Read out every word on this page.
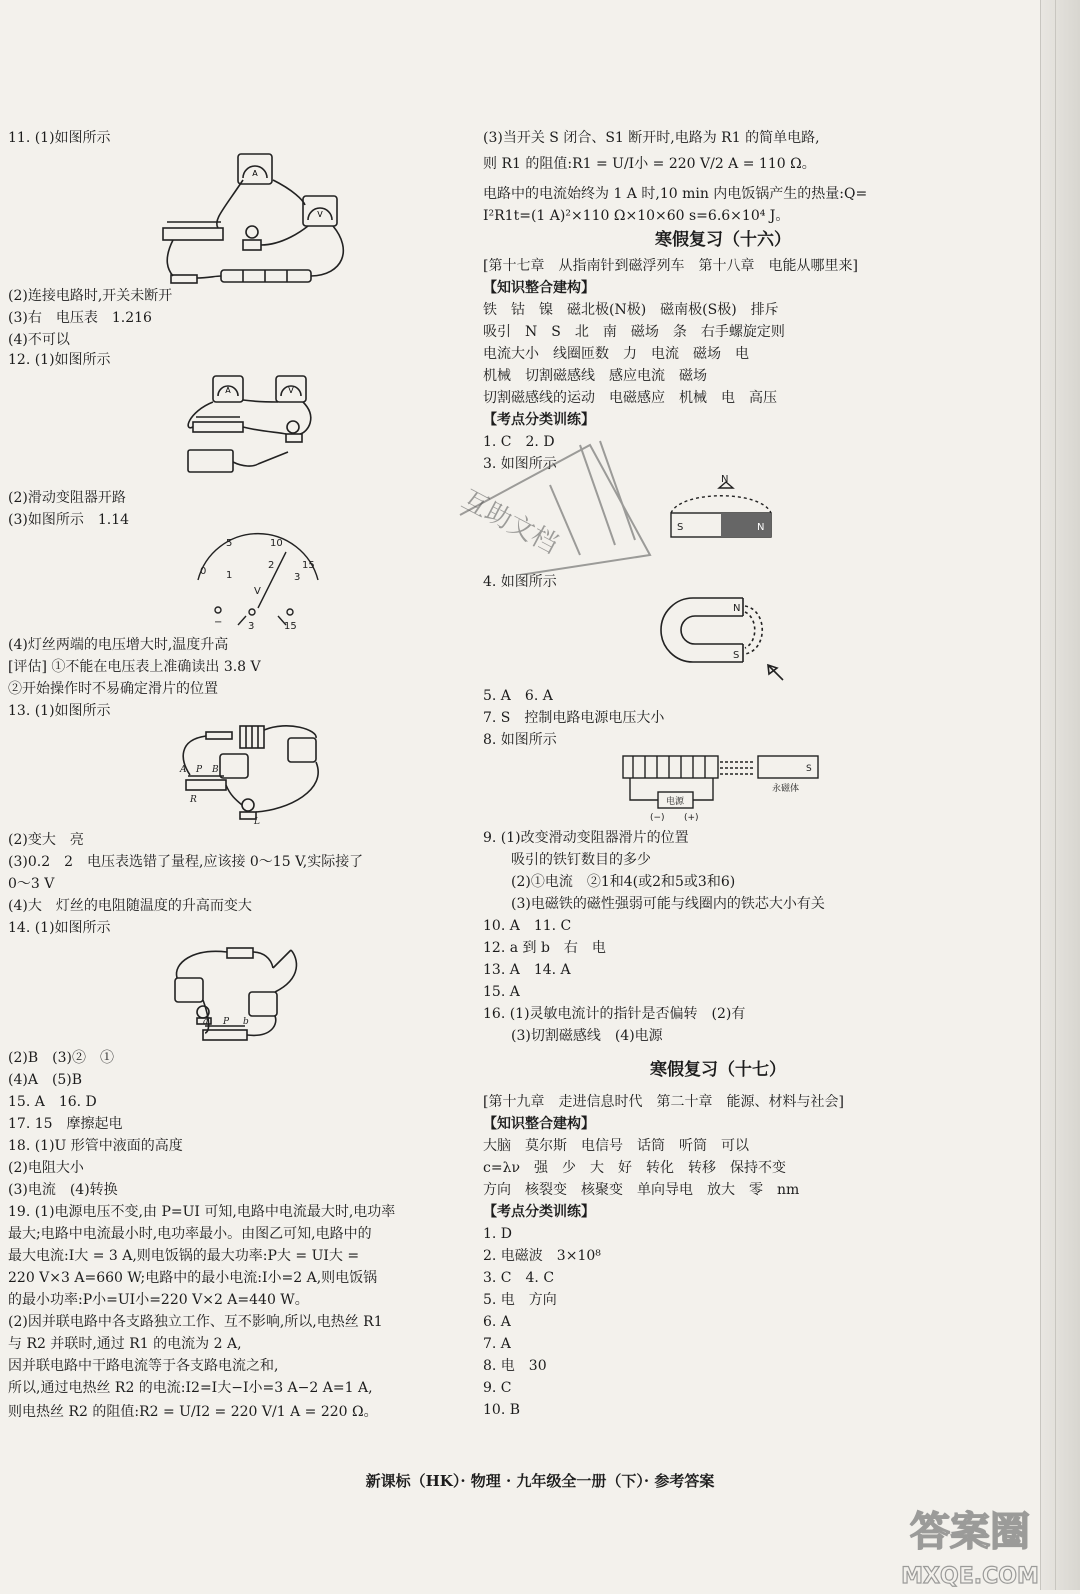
11. (1)如图所示
A
V
(2)连接电路时,开关未断开
(3)右　电压表　1.216
(4)不可以
12. (1)如图所示
A	V
(2)滑动变阻器开路
(3)如图所示　1.14
0
5	10
15
1
2
3
V
−	3	15
(4)灯丝两端的电压增大时,温度升高
[评估] ①不能在电压表上准确读出 3.8 V
②开始操作时不易确定滑片的位置
13. (1)如图所示
A P B
R
L
(2)变大　亮
(3)0.2　2　电压表选错了量程,应该接 0～15 V,实际接了
0～3 V
(4)大　灯丝的电阻随温度的升高而变大
14. (1)如图所示
a P b
(2)B　(3)②　①
(4)A　(5)B
15. A　16. D
17. 15　摩擦起电
18. (1)U 形管中液面的高度
(2)电阻大小
(3)电流　(4)转换
19. (1)电源电压不变,由 P=UI 可知,电路中电流最大时,电功率
最大;电路中电流最小时,电功率最小。由图乙可知,电路中的
最大电流:I大 = 3 A,则电饭锅的最大功率:P大 = UI大 =
220 V×3 A=660 W;电路中的最小电流:I小=2 A,则电饭锅
的最小功率:P小=UI小=220 V×2 A=440 W。
(2)因并联电路中各支路独立工作、互不影响,所以,电热丝 R1
与 R2 并联时,通过 R1 的电流为 2 A,
因并联电路中干路电流等于各支路电流之和,
所以,通过电热丝 R2 的电流:I2=I大−I小=3 A−2 A=1 A,
则电热丝 R2 的阻值:R2 = U/I2 = 220 V/1 A = 220 Ω。
(3)当开关 S 闭合、S1 断开时,电路为 R1 的简单电路,
则 R1 的阻值:R1 = U/I小 = 220 V/2 A = 110 Ω。
电路中的电流始终为 1 A 时,10 min 内电饭锅产生的热量:Q=
I²R1t=(1 A)²×110 Ω×10×60 s=6.6×10⁴ J。
寒假复习（十六）
[第十七章　从指南针到磁浮列车　第十八章　电能从哪里来]
【知识整合建构】
铁　钴　镍　磁北极(N极)　磁南极(S极)　排斥
吸引　N　S　北　南　磁场　条　右手螺旋定则
电流大小　线圈匝数　力　电流　磁场　电
机械　切割磁感线　感应电流　磁场
切割磁感线的运动　电磁感应　机械　电　高压
【考点分类训练】
1. C　2. D
3. 如图所示
N
S	N
4. 如图所示
N
S
5. A　6. A
7. S　控制电路电源电压大小
8. 如图所示
S
永磁体
电源
(−) (+)
9. (1)改变滑动变阻器滑片的位置
吸引的铁钉数目的多少
(2)①电流　②1和4(或2和5或3和6)
(3)电磁铁的磁性强弱可能与线圈内的铁芯大小有关
10. A　11. C
12. a 到 b　右　电
13. A　14. A
15. A
16. (1)灵敏电流计的指针是否偏转　(2)有
(3)切割磁感线　(4)电源
寒假复习（十七）
[第十九章　走进信息时代　第二十章　能源、材料与社会]
【知识整合建构】
大脑　莫尔斯　电信号　话筒　听筒　可以
c=λν　强　少　大　好　转化　转移　保持不变
方向　核裂变　核聚变　单向导电　放大　零　nm
【考点分类训练】
1. D
2. 电磁波　3×10⁸
3. C　4. C
5. 电　方向
6. A
7. A
8. 电　30
9. C
10. B
互助文档
新课标（HK）· 物理 · 九年级全一册（下）· 参考答案
答案圈
MXQE.COM
